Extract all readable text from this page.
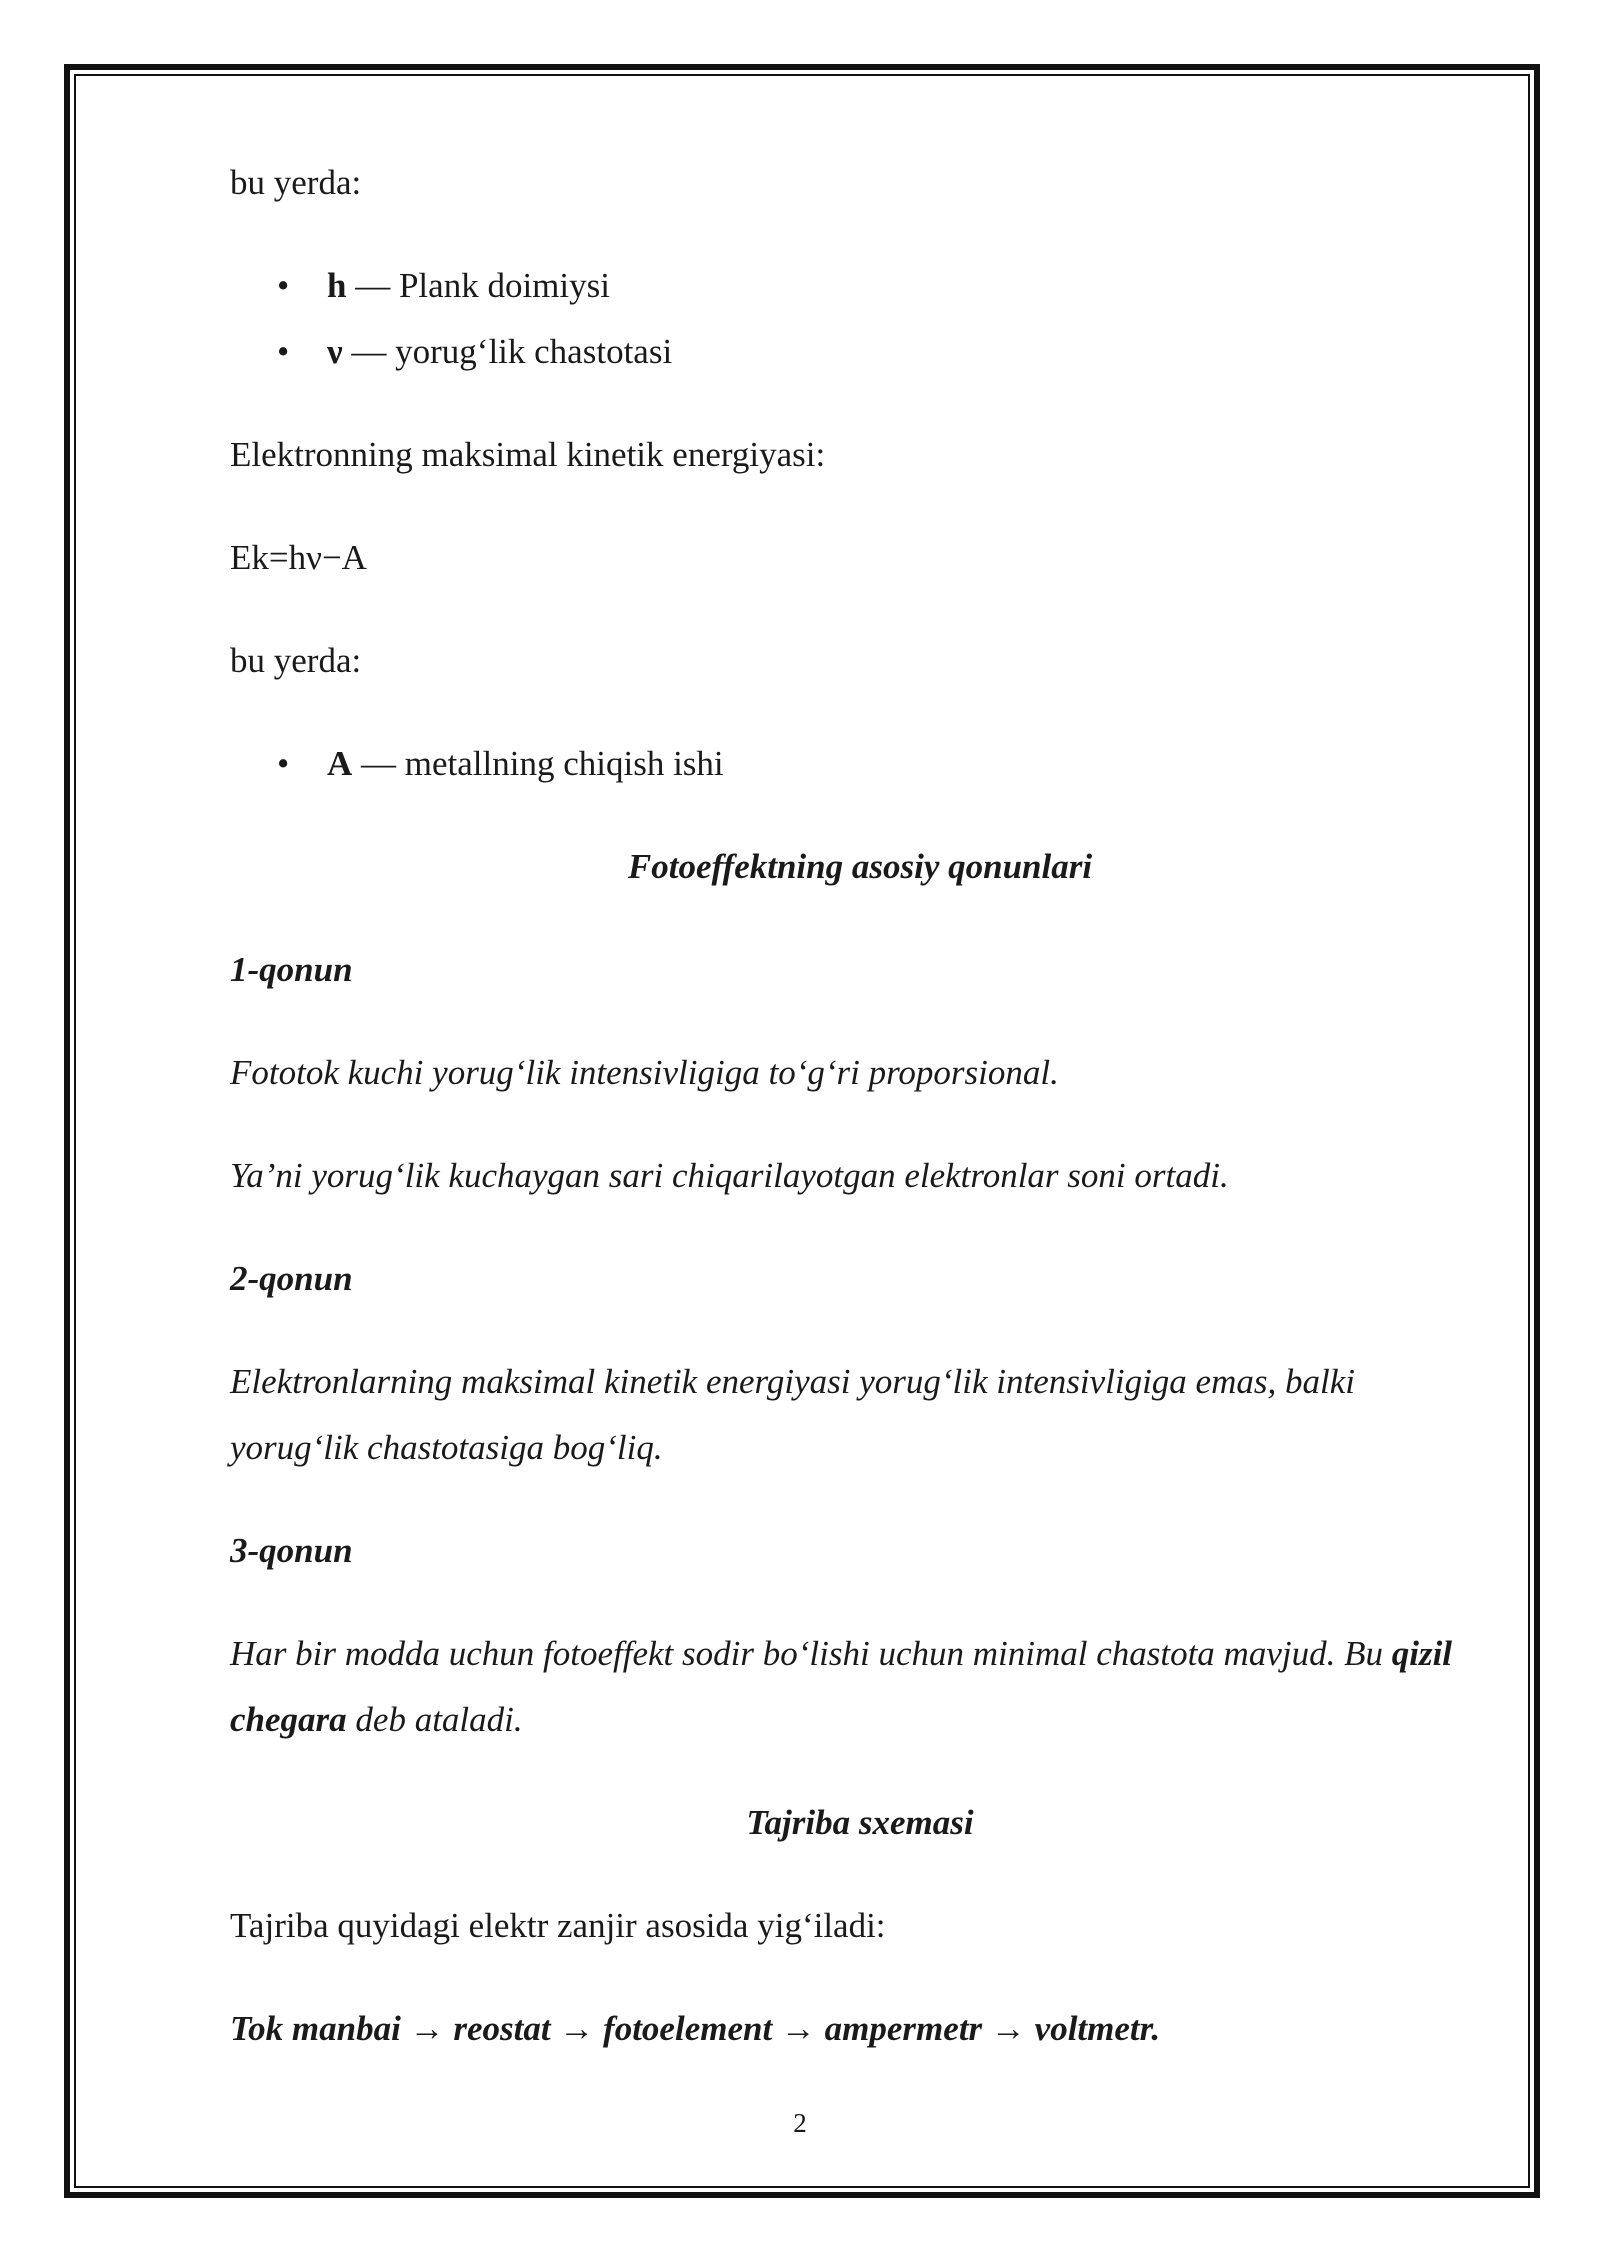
bu yerda:

• h — Plank doimiysi
• ν — yorug‘lik chastotasi

Elektronning maksimal kinetik energiyasi:

Ek=hν−A

bu yerda:

• A — metallning chiqish ishi

Fotoeffektning asosiy qonunlari

1-qonun

Fototok kuchi yorug‘lik intensivligiga to‘g‘ri proporsional.

Ya’ni yorug‘lik kuchaygan sari chiqarilayotgan elektronlar soni ortadi.

2-qonun

Elektronlarning maksimal kinetik energiyasi yorug‘lik intensivligiga emas, balki yorug‘lik chastotasiga bog‘liq.

3-qonun

Har bir modda uchun fotoeffekt sodir bo‘lishi uchun minimal chastota mavjud. Bu qizil chegara deb ataladi.

Tajriba sxemasi

Tajriba quyidagi elektr zanjir asosida yig‘iladi:

Tok manbai → reostat → fotoelement → ampermetr → voltmetr.

2
